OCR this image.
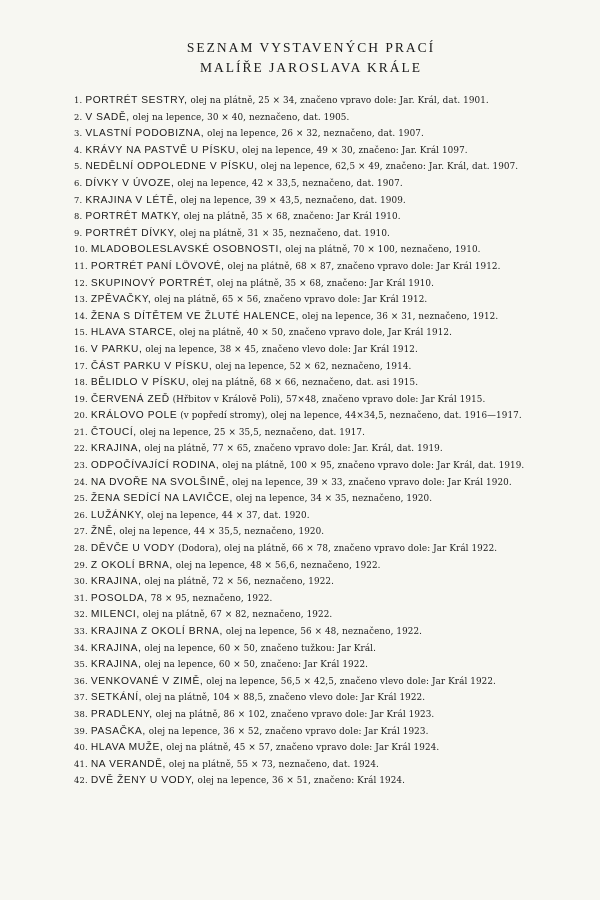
SEZNAM VYSTAVENÝCH PRACÍ
MALÍŘE JAROSLAVA KRÁLE
1. PORTRÉT SESTRY, olej na plátně, 25 × 34, značeno vpravo dole: Jar. Král, dat. 1901.
2. V SADĚ, olej na lepence, 30 × 40, neznačeno, dat. 1905.
3. VLASTNÍ PODOBIZNA, olej na lepence, 26 × 32, neznačeno, dat. 1907.
4. KRÁVY NA PASTVĚ U PÍSKU, olej na lepence, 49 × 30, značeno: Jar. Král 1097.
5. NEDĚLNÍ ODPOLEDNE V PÍSKU, olej na lepence, 62,5 × 49, značeno: Jar. Král, dat. 1907.
6. DÍVKY V ÚVOZE, olej na lepence, 42 × 33,5, neznačeno, dat. 1907.
7. KRAJINA V LÉTĚ, olej na lepence, 39 × 43,5, neznačeno, dat. 1909.
8. PORTRÉT MATKY, olej na plátně, 35 × 68, značeno: Jar Král 1910.
9. PORTRÉT DÍVKY, olej na plátně, 31 × 35, neznačeno, dat. 1910.
10. MLADOBOLESLAVSKÉ OSOBNOSTI, olej na plátně, 70 × 100, neznačeno, 1910.
11. PORTRÉT PANÍ LÖVOVÉ, olej na plátně, 68 × 87, značeno vpravo dole: Jar Král 1912.
12. SKUPINOVÝ PORTRÉT, olej na plátně, 35 × 68, značeno: Jar Král 1910.
13. ZPĚVAČKY, olej na plátně, 65 × 56, značeno vpravo dole: Jar Král 1912.
14. ŽENA S DÍTĚTEM VE ŽLUTÉ HALENCE, olej na lepence, 36 × 31, neznačeno, 1912.
15. HLAVA STARCE, olej na plátně, 40 × 50, značeno vpravo dole, Jar Král 1912.
16. V PARKU, olej na lepence, 38 × 45, značeno vlevo dole: Jar Král 1912.
17. ČÁST PARKU V PÍSKU, olej na lepence, 52 × 62, neznačeno, 1914.
18. BĚLIDLO V PÍSKU, olej na plátně, 68 × 66, neznačeno, dat. asi 1915.
19. ČERVENÁ ZEĎ (Hřbitov v Králově Poli), 57×48, značeno vpravo dole: Jar Král 1915.
20. KRÁLOVO POLE (v popředí stromy), olej na lepence, 44×34,5, neznačeno, dat. 1916—1917.
21. ČTOUCÍ, olej na lepence, 25 × 35,5, neznačeno, dat. 1917.
22. KRAJINA, olej na plátně, 77 × 65, značeno vpravo dole: Jar. Král, dat. 1919.
23. ODPOČÍVAJÍCÍ RODINA, olej na plátně, 100 × 95, značeno vpravo dole: Jar Král, dat. 1919.
24. NA DVOŘE NA SVOLŠINĚ, olej na lepence, 39 × 33, značeno vpravo dole: Jar Král 1920.
25. ŽENA SEDÍCÍ NA LAVIČCE, olej na lepence, 34 × 35, neznačeno, 1920.
26. LUŽÁNKY, olej na lepence, 44 × 37, dat. 1920.
27. ŽNĚ, olej na lepence, 44 × 35,5, neznačeno, 1920.
28. DĚVČE U VODY (Dodora), olej na plátně, 66 × 78, značeno vpravo dole: Jar Král 1922.
29. Z OKOLÍ BRNA, olej na lepence, 48 × 56,6, neznačeno, 1922.
30. KRAJINA, olej na plátně, 72 × 56, neznačeno, 1922.
31. POSOLDA, 78 × 95, neznačeno, 1922.
32. MILENCI, olej na plátně, 67 × 82, neznačeno, 1922.
33. KRAJINA Z OKOLÍ BRNA, olej na lepence, 56 × 48, neznačeno, 1922.
34. KRAJINA, olej na lepence, 60 × 50, značeno tužkou: Jar Král.
35. KRAJINA, olej na lepence, 60 × 50, značeno: Jar Král 1922.
36. VENKOVANÉ V ZIMĚ, olej na lepence, 56,5 × 42,5, značeno vlevo dole: Jar Král 1922.
37. SETKÁNÍ, olej na plátně, 104 × 88,5, značeno vlevo dole: Jar Král 1922.
38. PRADLENY, olej na plátně, 86 × 102, značeno vpravo dole: Jar Král 1923.
39. PASAČKA, olej na lepence, 36 × 52, značeno vpravo dole: Jar Král 1923.
40. HLAVA MUŽE, olej na plátně, 45 × 57, značeno vpravo dole: Jar Král 1924.
41. NA VERANDĚ, olej na plátně, 55 × 73, neznačeno, dat. 1924.
42. DVĚ ŽENY U VODY, olej na lepence, 36 × 51, značeno: Král 1924.
